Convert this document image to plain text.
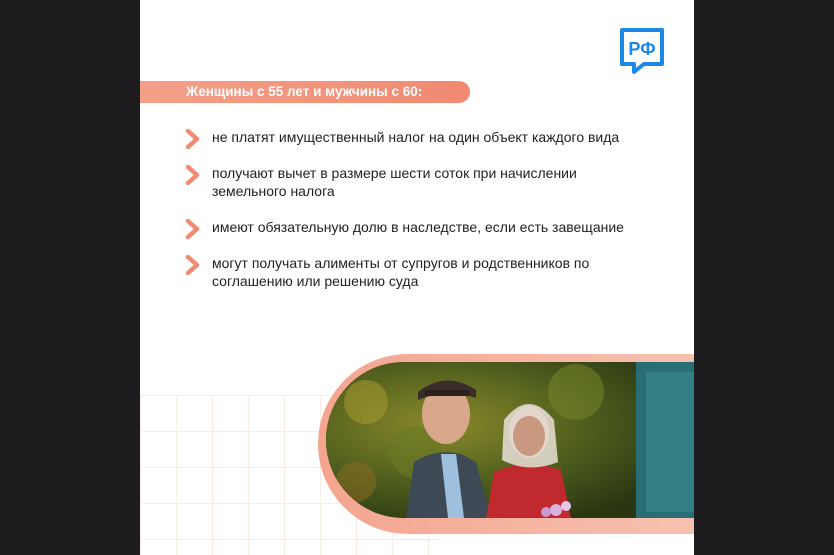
РФ
Женщины с 55 лет и мужчины с 60:
не платят имущественный налог на один объект каждого вида
получают вычет в размере шести соток при начислении земельного налога
имеют обязательную долю в наследстве, если есть завещание
могут получать алименты от супругов и родственников по соглашению или решению суда
